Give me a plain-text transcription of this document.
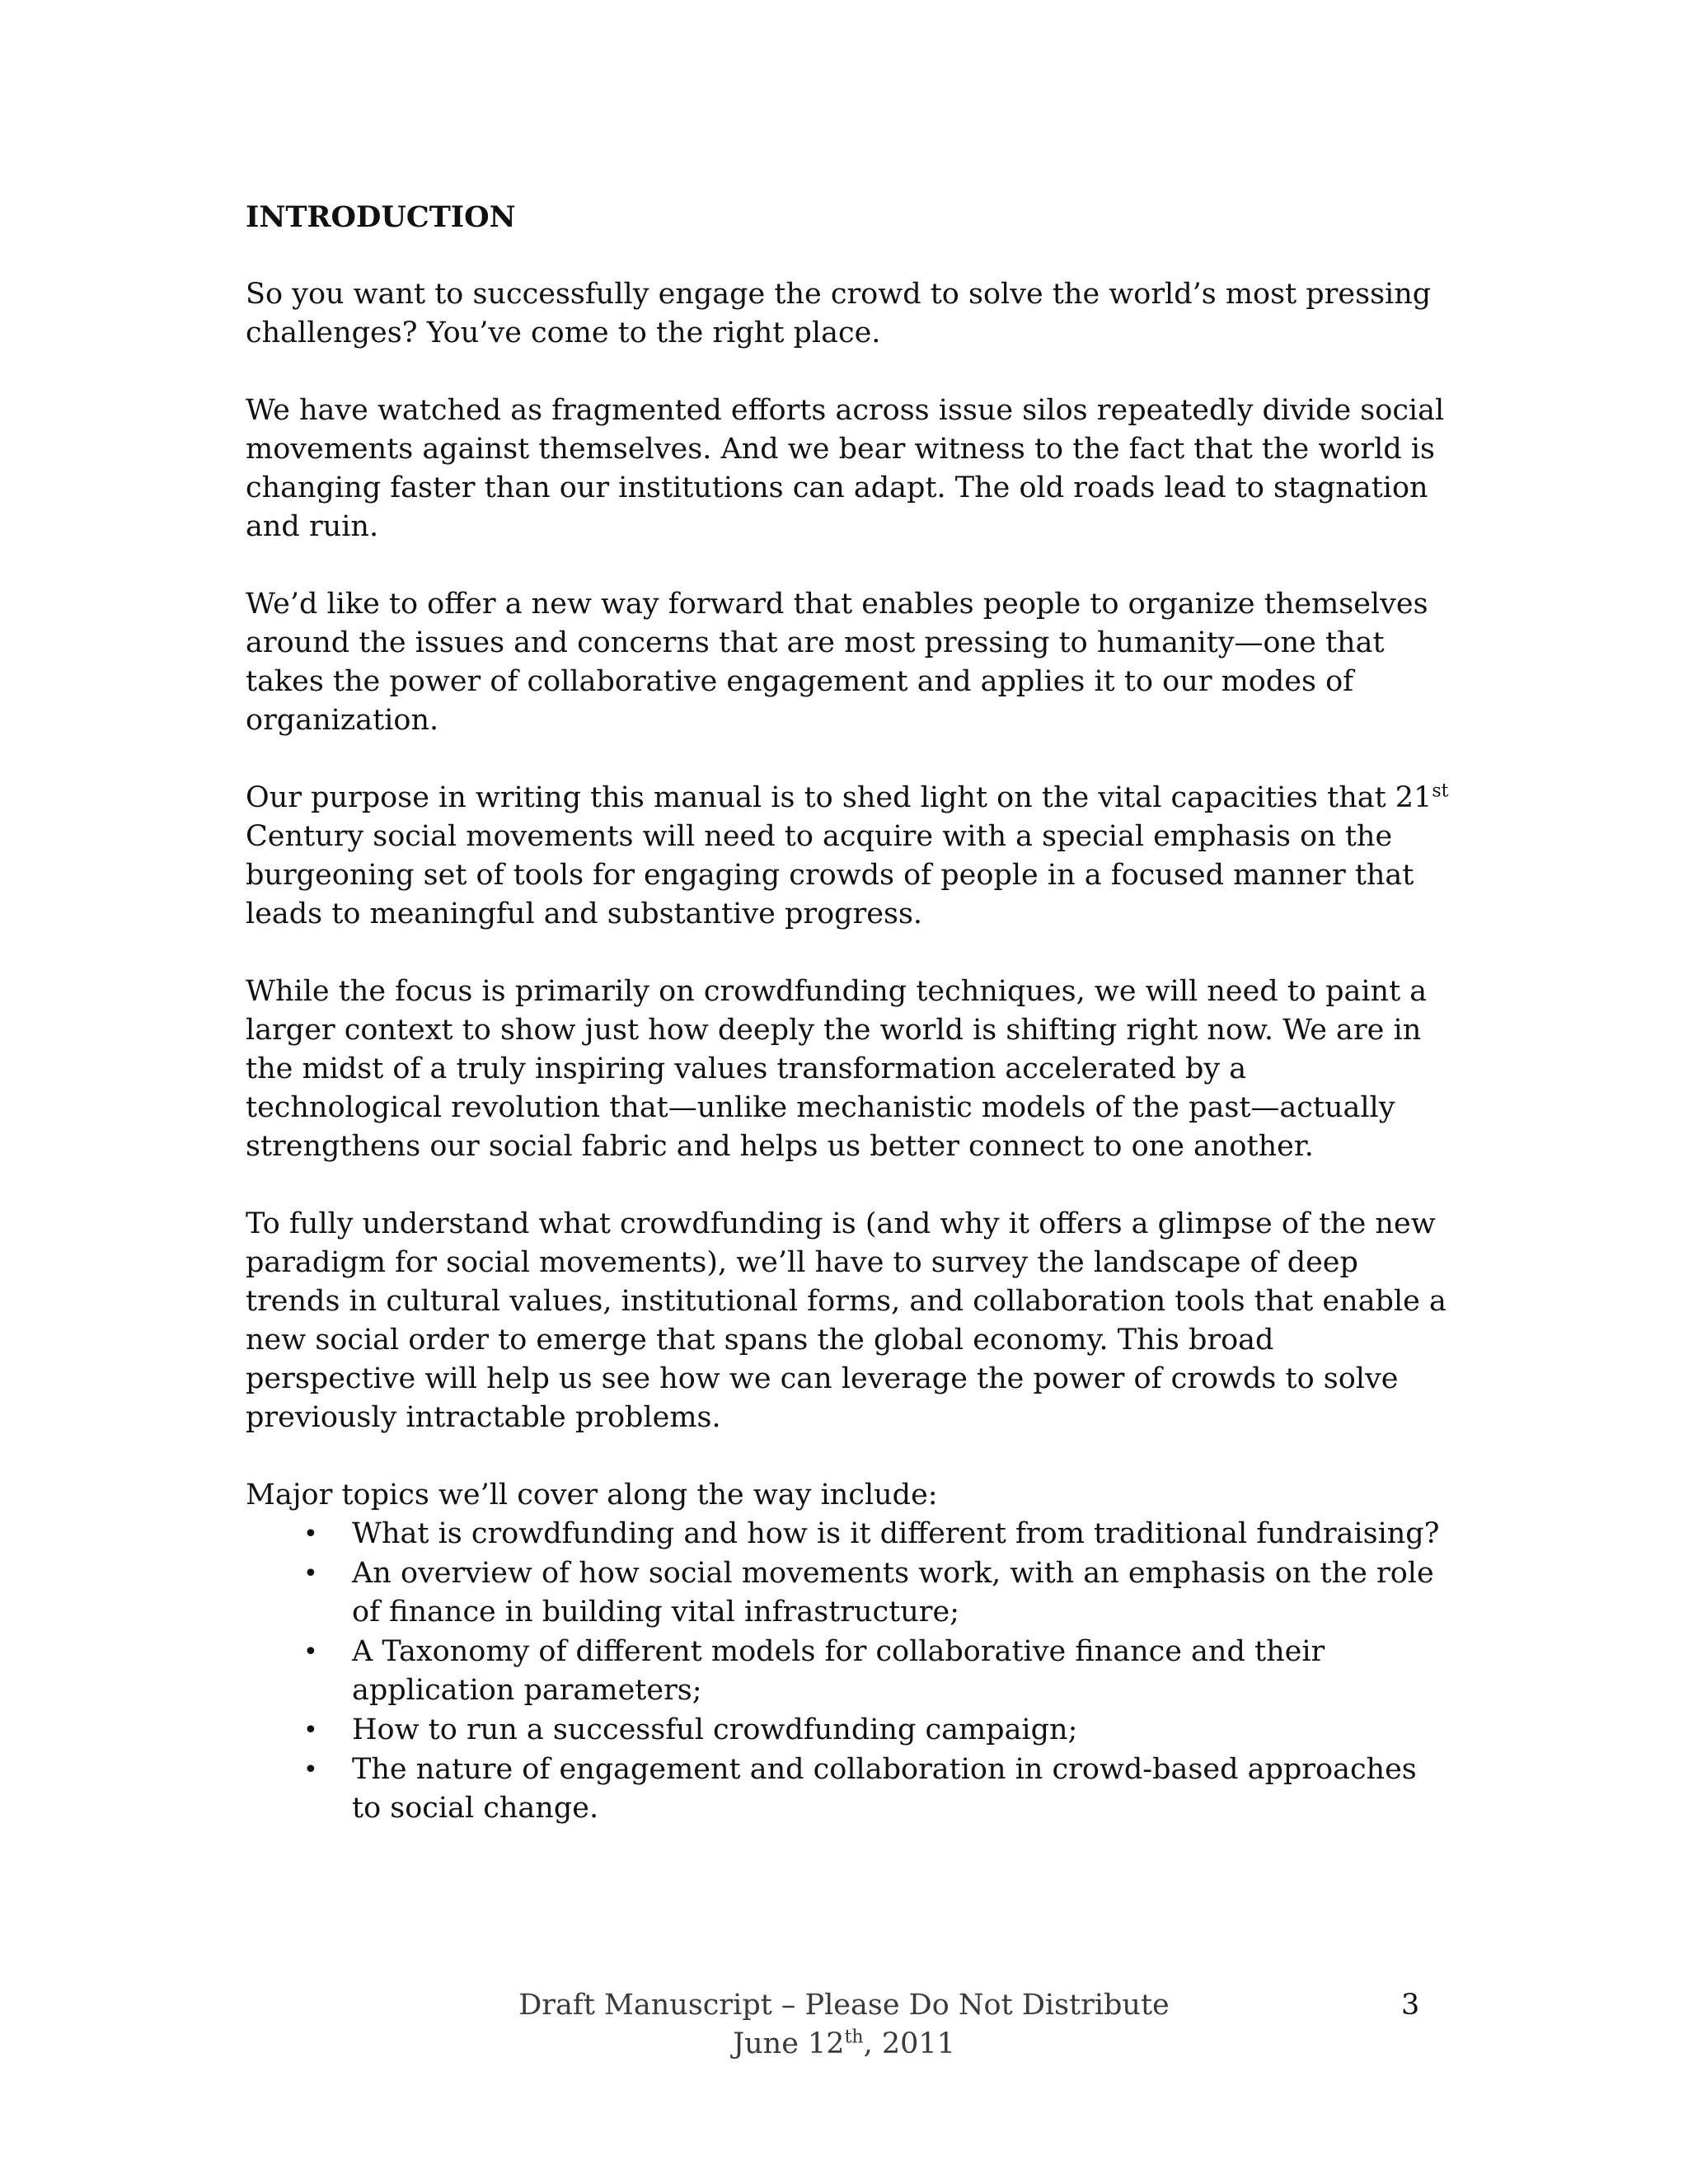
INTRODUCTION

So you want to successfully engage the crowd to solve the world’s most pressing challenges? You’ve come to the right place.

We have watched as fragmented efforts across issue silos repeatedly divide social movements against themselves. And we bear witness to the fact that the world is changing faster than our institutions can adapt. The old roads lead to stagnation and ruin.

We’d like to offer a new way forward that enables people to organize themselves around the issues and concerns that are most pressing to humanity—one that takes the power of collaborative engagement and applies it to our modes of organization.

Our purpose in writing this manual is to shed light on the vital capacities that 21st Century social movements will need to acquire with a special emphasis on the burgeoning set of tools for engaging crowds of people in a focused manner that leads to meaningful and substantive progress.

While the focus is primarily on crowdfunding techniques, we will need to paint a larger context to show just how deeply the world is shifting right now. We are in the midst of a truly inspiring values transformation accelerated by a technological revolution that—unlike mechanistic models of the past—actually strengthens our social fabric and helps us better connect to one another.

To fully understand what crowdfunding is (and why it offers a glimpse of the new paradigm for social movements), we’ll have to survey the landscape of deep trends in cultural values, institutional forms, and collaboration tools that enable a new social order to emerge that spans the global economy. This broad perspective will help us see how we can leverage the power of crowds to solve previously intractable problems.

Major topics we’ll cover along the way include:

• What is crowdfunding and how is it different from traditional fundraising?
• An overview of how social movements work, with an emphasis on the role of finance in building vital infrastructure;
• A Taxonomy of different models for collaborative finance and their application parameters;
• How to run a successful crowdfunding campaign;
• The nature of engagement and collaboration in crowd-based approaches to social change.
Draft Manuscript – Please Do Not Distribute
June 12th, 2011
3
